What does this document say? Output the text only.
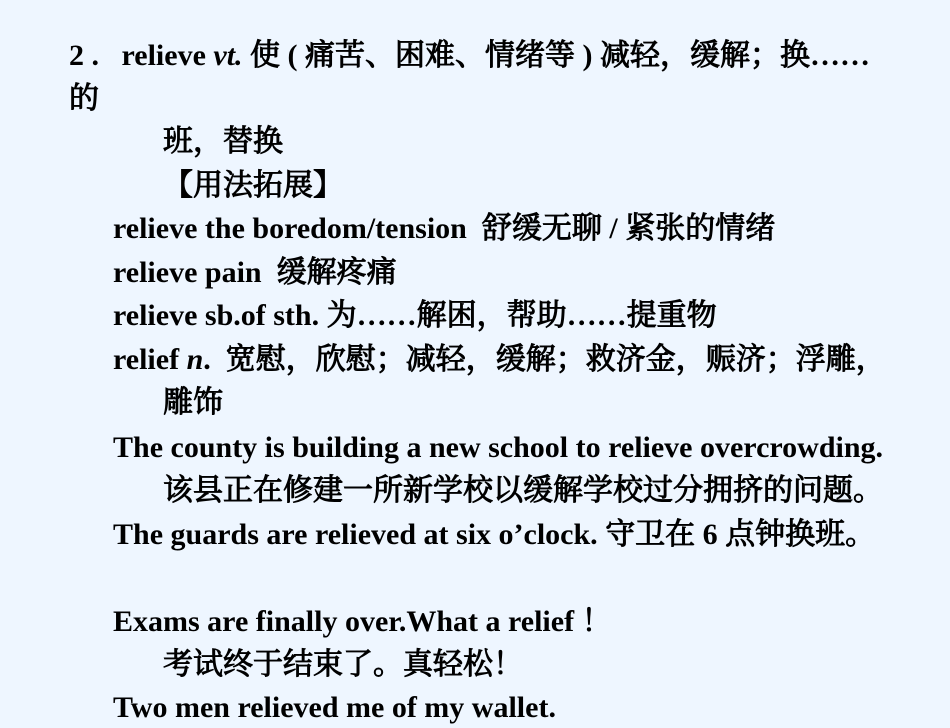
2 . relieve vt. 使 ( 痛苦、困难、情绪等 ) 减轻，缓解；换……
的
班，替换
【用法拓展】
relieve the boredom/tension 舒缓无聊 / 紧张的情绪
relieve pain 缓解疼痛
relieve sb.of sth. 为……解困，帮助……提重物
relief n. 宽慰，欣慰；减轻，缓解；救济金，赈济；浮雕，
雕饰
The county is building a new school to relieve overcrowding.
该县正在修建一所新学校以缓解学校过分拥挤的问题。
The guards are relieved at six o’clock. 守卫在 6 点钟换班。
Exams are finally over.What a relief ！
考试终于结束了。真轻松！
Two men relieved me of my wallet.
